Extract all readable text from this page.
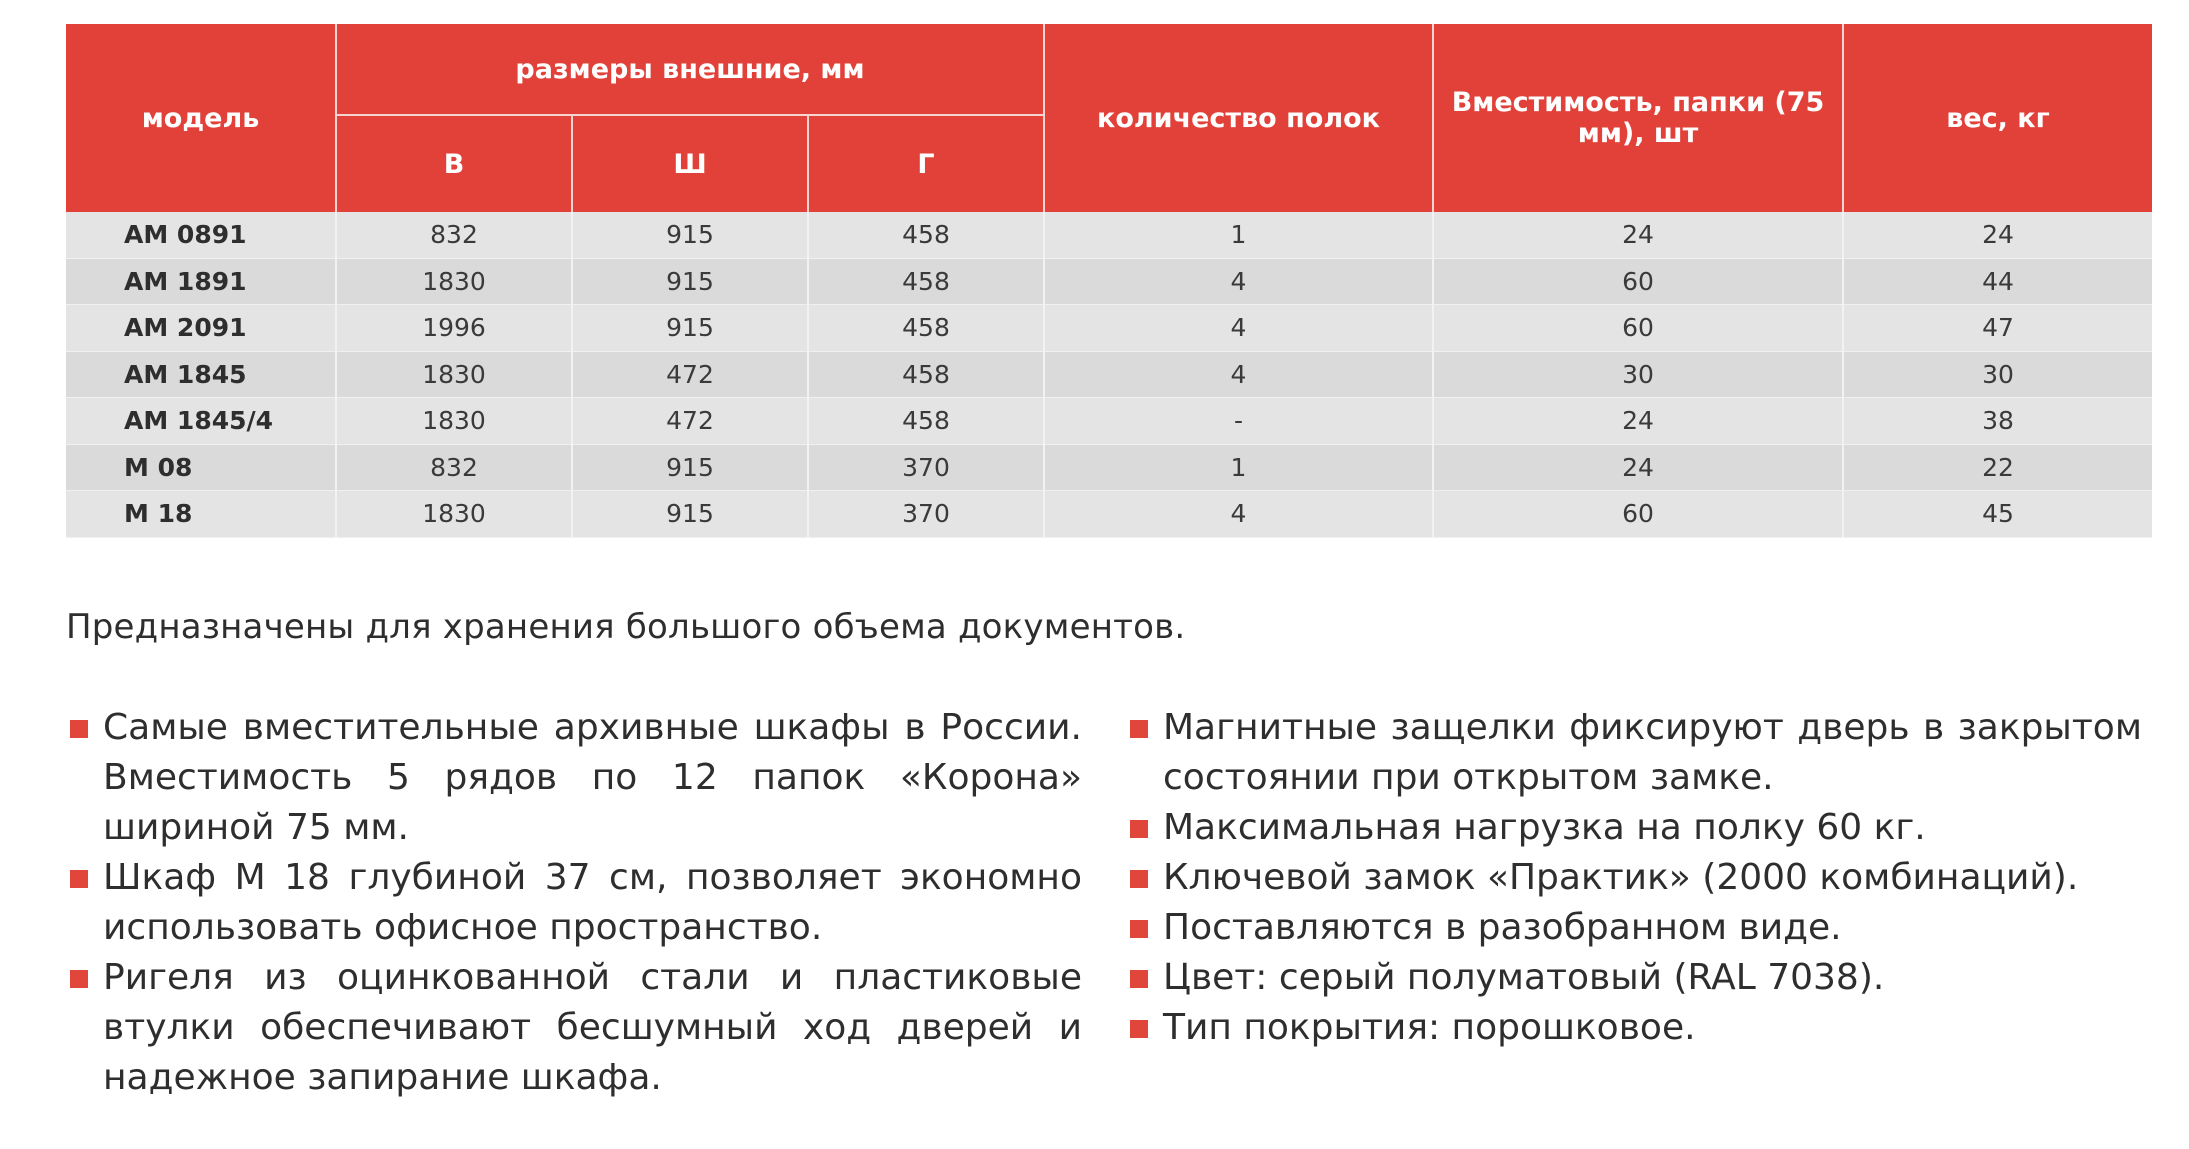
модель	размеры внешние, мм			количество полок	Вместимость, папки (75 мм), шт	вес, кг
	В	Ш	Г			
AM 0891	832	915	458	1	24	24
AM 1891	1830	915	458	4	60	44
AM 2091	1996	915	458	4	60	47
AM 1845	1830	472	458	4	30	30
AM 1845/4	1830	472	458	-	24	38
M 08	832	915	370	1	24	22
M 18	1830	915	370	4	60	45
Предназначены для хранения большого объема документов.
Самые вместительные архивные шкафы в России. Вместимость 5 рядов по 12 папок «Корона» шириной 75 мм.
Шкаф М 18 глубиной 37 см, позволяет экономно использовать офисное пространство.
Ригеля из оцинкованной стали и пластиковые втулки обеспечивают бесшумный ход дверей и надежное запирание шкафа.
Магнитные защелки фиксируют дверь в закрытом состоянии при открытом замке.
Максимальная нагрузка на полку 60 кг.
Ключевой замок «Практик» (2000 комбинаций).
Поставляются в разобранном виде.
Цвет: серый полуматовый (RAL 7038).
Тип покрытия: порошковое.
